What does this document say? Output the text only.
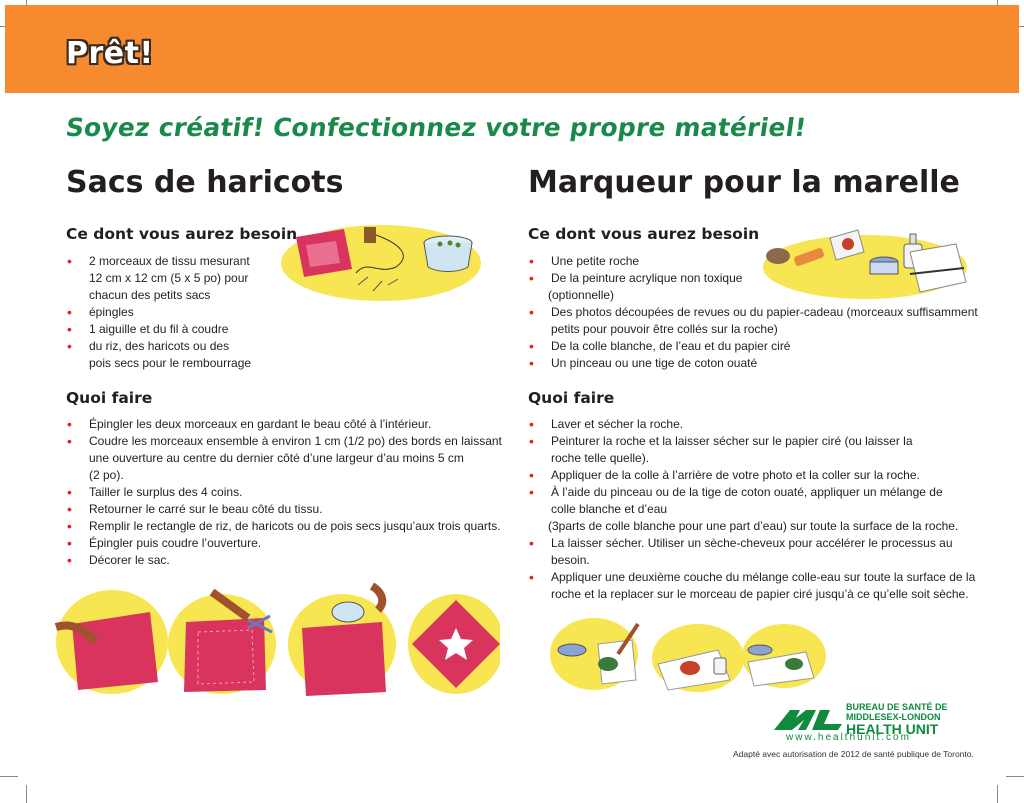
Prêt!
Soyez créatif! Confectionnez votre propre matériel!
Sacs de haricots	Marqueur pour la marelle
Ce dont vous aurez besoin	Ce dont vous aurez besoin
Quoi faire	Quoi faire
• 2 morceaux de tissu mesurant
12 cm x 12 cm (5 x 5 po) pour
chacun des petits sacs
• épingles
• 1 aiguille et du fil à coudre
• du riz, des haricots ou des
pois secs pour le rembourrage
• Épingler les deux morceaux en gardant le beau côté à l’intérieur.
• Coudre les morceaux ensemble à environ 1 cm (1/2 po) des bords en laissant
une ouverture au centre du dernier côté d’une largeur d’au moins 5 cm
(2 po).
• Tailler le surplus des 4 coins.
• Retourner le carré sur le beau côté du tissu.
• Remplir le rectangle de riz, de haricots ou de pois secs jusqu’aux trois quarts.
• Épingler puis coudre l’ouverture.
• Décorer le sac.
• Une petite roche
• De la peinture acrylique non toxique
(optionnelle)
• Des photos découpées de revues ou du papier-cadeau (morceaux suffisamment
petits pour pouvoir être collés sur la roche)
• De la colle blanche, de l’eau et du papier ciré
• Un pinceau ou une tige de coton ouaté
• Laver et sécher la roche.
• Peinturer la roche et la laisser sécher sur le papier ciré (ou laisser la
roche telle quelle).
• Appliquer de la colle à l’arrière de votre photo et la coller sur la roche.
• À l’aide du pinceau ou de la tige de coton ouaté, appliquer un mélange de
colle blanche et d’eau
(3parts de colle blanche pour une part d’eau) sur toute la surface de la roche.
• La laisser sécher. Utiliser un sèche-cheveux pour accélérer le processus au
besoin.
• Appliquer une deuxième couche du mélange colle-eau sur toute la surface de la
roche et la replacer sur le morceau de papier ciré jusqu’à ce qu’elle soit sèche.
BUREAU DE SANTÉ DE
MIDDLESEX-LONDON
HEALTH UNIT
www.healthunit.com
Adapté avec autorisation de 2012 de santé publique de Toronto.
